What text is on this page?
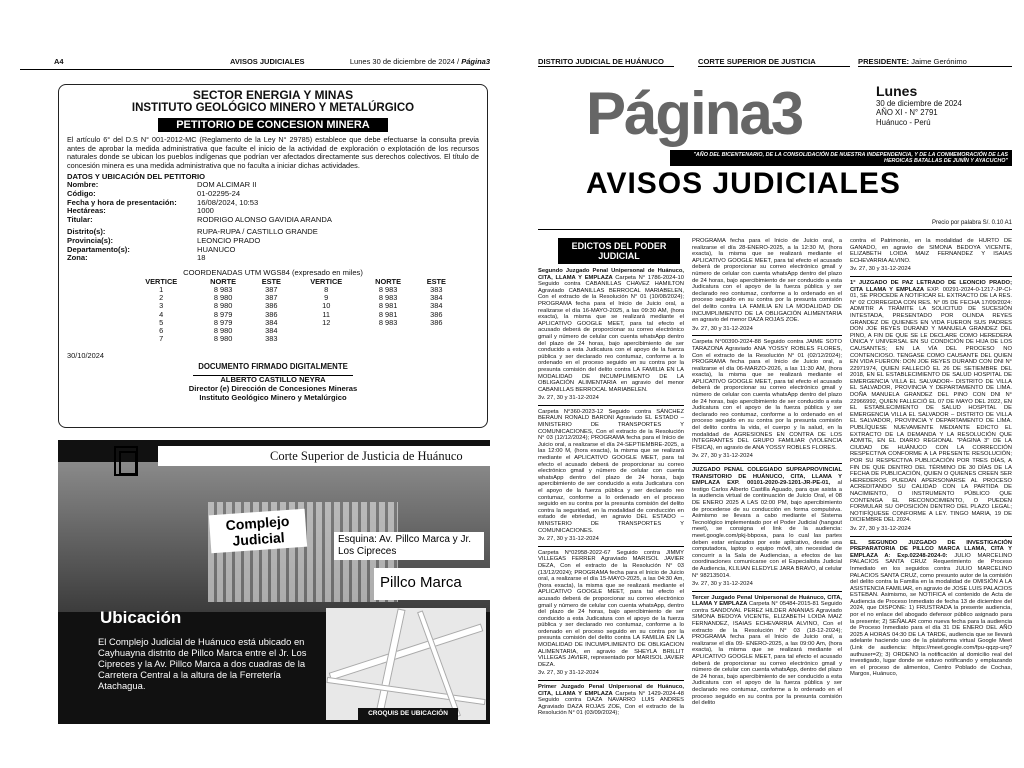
A4	AVISOS JUDICIALES	Lunes 30 de diciembre de 2024 / Página3
SECTOR ENERGIA Y MINAS
INSTITUTO GEOLÓGICO MINERO Y METALÚRGICO
PETITORIO DE CONCESION MINERA
El artículo 6° del D.S N° 001-2012-MC (Reglamento de la Ley N° 29785) establece que debe efectuarse la consulta previa antes de aprobar la medida administrativa que faculte el inicio de la actividad de exploración o explotación de los recursos naturales donde se ubican los pueblos indígenas que podrían ver afectados directamente sus derechos colectivos. El título de concesión minera es una medida administrativa que no faculta a iniciar dichas actividades.
DATOS Y UBICACIÓN DEL PETITORIO
Nombre:	DOM ALCIMAR II
Código:	01-02295-24
Fecha y hora de presentación:	16/08/2024, 10:53
Hectáreas:	1000
Titular:	RODRIGO ALONSO GAVIDIA ARANDA
Distrito(s):	RUPA-RUPA / CASTILLO GRANDE
Provincia(s):	LEONCIO PRADO
Departamento(s):	HUANUCO
Zona:	18
COORDENADAS UTM WGS84 (expresado en miles)
VERTICE	NORTE	ESTE	VERTICE	NORTE	ESTE
1	8 983	387	8	8 983	383
2	8 980	387	9	8 983	384
3	8 980	386	10	8 981	384
4	8 979	386	11	8 981	386
5	8 979	384	12	8 983	386
6	8 980	384			
7	8 980	383			
30/10/2024
DOCUMENTO FIRMADO DIGITALMENTE
ALBERTO CASTILLO NEYRA
Director (e) Dirección de Concesiones Mineras
Instituto Geológico Minero y Metalúrgico
Corte Superior de Justicia de Huánuco
Complejo Judicial	Esquina: Av. Pillco Marca y Jr. Los Cipreces
Pillco Marca
Ubicación
El Complejo Judicial de Huánuco está ubicado en Cayhuayna distrito de Pillco Marca entre el Jr. Los Cipreces y la Av. Pillco Marca a dos cuadras de la Carretera Central a la altura de la Ferretería Atachagua.
CROQUIS DE UBICACIÓN
DISTRITO JUDICIAL DE HUÁNUCO	CORTE SUPERIOR DE JUSTICIA	PRESIDENTE: Jaime Gerónimo
Página3	Lunes
30 de diciembre de 2024
AÑO XI - N° 2791
Huánuco - Perú
"AÑO DEL BICENTENARIO, DE LA CONSOLIDACIÓN DE NUESTRA INDEPENDENCIA, Y DE LA CONMEMORACIÓN DE LAS HEROICAS BATALLAS DE JUNÍN Y AYACUCHO"
AVISOS JUDICIALES
Precio por palabra S/. 0.10 A1
EDICTOS DEL PODER JUDICIAL

Segundo Juzgado Penal Unipersonal de Huánuco, CITA, LLAMA Y EMPLAZA Carpeta N° 1786-2024-10 Seguido contra CABANILLAS CHAVEZ HAMILTON Agraviado CABANILLAS BERROCAL MARIABELEN, Con el extracto de la Resolución N° 01 (10/08/2024); PROGRAMA fecha para el Inicio de Juicio oral, a realizarse el día 16-MAYO-2025, a las 09:30 AM, (hora exacta), la misma que se realizará mediante el APLICATIVO GOOGLE MEET, para tal efecto el acusado deberá de proporcionar su correo electrónico gmail y número de celular con cuenta whatsApp dentro del plazo de 24 horas, bajo apercibimiento de ser conducido a esta Judicatura con el apoyo de la fuerza pública y ser declarado reo contumaz, conforme a lo ordenado en el proceso seguido en su contra por la presunta comisión del delito contra LA FAMILIA EN LA MODALIDAD DE INCUMPLIMIENTO DE LA OBLIGACIÓN ALIMENTARIA en agravio del menor CABANILLAS BERROCAL MARIABELEN.

3v. 27, 30 y 31-12-2024

Carpeta N°360-2023-12 Seguido contra SÁNCHEZ BERAUN RONALD BARONI Agraviado EL ESTADO – MINISTERIO DE TRANSPORTES Y COMUNICACIONES, Con el extracto de la Resolución N° 03 (12/12/2024); PROGRAMA fecha para el Inicio de Juicio oral, a realizarse el día 24-SEPTIEMBRE-2025, a las 12:00 M, (hora exacta), la misma que se realizará mediante el APLICATIVO GOOGLE MEET, para tal efecto el acusado deberá de proporcionar su correo electrónico gmail y número de celular con cuenta whatsApp dentro del plazo de 24 horas, bajo apercibimiento de ser conducido a esta Judicatura con el apoyo de la fuerza pública y ser declarado reo contumaz, conforme a lo ordenado en el proceso seguido en su contra por la presunta comisión del delito contra la seguridad, en la modalidad de conducción en estado de ebriedad, en agravio DEL ESTADO – MINISTERIO DE TRANSPORTES Y COMUNICACIONES.

3v. 27, 30 y 31-12-2024

Carpeta N°02958-2022-67 Seguido contra JIMMY VILLEGAS FERRER Agraviado MARISOL JAVIER DEZA, Con el extracto de la Resolución N° 03 (13/12/2024); PROGRAMA fecha para el Inicio de Juicio oral, a realizarse el día 15-MAYO-2025, a las 04:30 Am, (hora exacta), la misma que se realizará mediante el APLICATIVO GOOGLE MEET, para tal efecto el acusado deberá de proporcionar su correo electrónico gmail y número de celular con cuenta whatsApp, dentro del plazo de 24 horas, bajo apercibimiento de ser conducido a esta Judicatura con el apoyo de la fuerza pública y ser declarado reo contumaz, conforme a lo ordenado en el proceso seguido en su contra por la presunta comisión del delito contra LA FAMILIA EN LA MODALIDAD DE INCUMPLIMIENTO DE OBLIGACION ALIMENTARIA, en agravio de SHEYLA BRILLIT VILLEGAS JAVIER, representado por MARISOL JAVIER DEZA.

3v. 27, 30 y 31-12-2024

Primer Juzgado Penal Unipersonal de Huánuco, CITA, LLAMA Y EMPLAZA Carpeta N° 1429-2024-48 Seguido contra DAZA NAVARRO LUIS ANDRES Agraviado DAZA ROJAS ZOE, Con el extracto de la Resolución N° 01 (03/09/2024);

PROGRAMA fecha para el Inicio de Juicio oral, a realizarse el día 28-ENERO-2025, a la 12:30 M, (hora exacta), la misma que se realizará mediante el APLICATIVO GOOGLE MEET, para tal efecto el acusado deberá de proporcionar su correo electrónico gmail y número de celular con cuenta whatsApp dentro del plazo de 24 horas, bajo apercibimiento de ser conducido a esta Judicatura con el apoyo de la fuerza pública y ser declarado reo contumaz, conforme a lo ordenado en el proceso seguido en su contra por la presunta comisión del delito contra LA FAMILIA EN LA MODALIDAD DE INCUMPLIMIENTO DE LA OBLIGACIÓN ALIMENTARIA en agravio del menor DAZA ROJAS ZOE.

3v. 27, 30 y 31-12-2024

Carpeta N°00390-2024-88 Seguido contra JAIME SOTO TARAZONA Agraviado ANA YOSSY ROBLES FLORES, Con el extracto de la Resolución N° 01 (02/12/2024); PROGRAMA fecha para el Inicio de Juicio oral, a realizarse el día 06-MARZO-2026, a las 11:30 AM, (hora exacta), la misma que se realizará mediante el APLICATIVO GOOGLE MEET, para tal efecto el acusado deberá de proporcionar su correo electrónico gmail y número de celular con cuenta whatsApp dentro del plazo de 24 horas, bajo apercibimiento de ser conducido a esta Judicatura con el apoyo de la fuerza pública y ser declarado reo contumaz, conforme a lo ordenado en el proceso seguido en su contra por la presunta comisión del delito contra la vida, el cuerpo y la salud, en la modalidad de AGRESIONES EN CONTRA DE LOS INTEGRANTES DEL GRUPO FAMILIAR (VIOLENCIA FÍSICA), en agravio de ANA YOSSY ROBLES FLORES.

3v. 27, 30 y 31-12-2024

JUZGADO PENAL COLEGIADO SUPRAPROVINCIAL TRANSITORIO DE HUÁNUCO, CITA, LLAMA Y EMPLAZA EXP. 00101-2020-29-1201-JR-PE-01, al testigo Carlos Alberto Castilla Aguado, para que asista a la audiencia virtual de continuación de Juicio Oral, el 08 DE ENERO 2025 A LAS 02:00 PM, bajo apercibimiento de procederse de su conducción en forma compulsiva. Asimismo se llevara a cabo mediante el Sistema Tecnológico implementado por el Poder Judicial (hangout meet), se consigna el link de la audiencia: meet.google.com/pkj-bbpoxa, para lo cual las partes deben estar enlazados por este aplicativo, desde una computadora, laptop o equipo móvil, sin necesidad de concurrir a la Sala de Audiencias, a efectos de las coordinaciones comunicarse con el Especialista Judicial de Audiencia, KLILIAN ELEDYLE JARA BRAVO, al celular N° 982135014.

3v. 27, 30 y 31-12-2024

Tercer Juzgado Penal Unipersonal de Huánuco, CITA, LLAMA Y EMPLAZA Carpeta N° 05484-2015-81 Seguido contra SANDOVAL PEREZ HILDER ANANIAS Agraviado SIMONA BEDOYA VICENTE, ELIZABETH LOIDA MAIZ FERNANDEZ, ISAIAS ECHEVARRIA ALVINO, Con el extracto de la Resolución N° 03 (18-12-2024); PROGRAMA fecha para el Inicio de Juicio oral, a realizarse el día 09- ENERO-2025, a las 09:00 Am, (hora exacta), la misma que se realizará mediante el APLICATIVO GOOGLE MEET, para tal efecto el acusado deberá de proporcionar su correo electrónico gmail y número de celular con cuenta whatsApp, dentro del plazo de 24 horas, bajo apercibimiento de ser conducido a esta Judicatura con el apoyo de la fuerza pública y ser declarado reo contumaz, conforme a lo ordenado en el proceso seguido en su contra por la presunta comisión del delito

contra el Patrimonio, en la modalidad de HURTO DE GANADO, en agravio de SIMONA BEDOYA VICENTE, ELIZABETH LOIDA MAIZ FERNANDEZ Y ISAIAS ECHEVARRIA ALVINO.

3v. 27, 30 y 31-12-2024

1° JUZGADO DE PAZ LETRADO DE LEONCIO PRADO; CITA LLAMA Y EMPLAZA EXP. 00291-2024-0-1217-JP-CI-01, SE PROCEDE A NOTIFICAR EL EXTRACTO DE LA RES. N° 02 CORREGIDA CON RES. N° 05 DE FECHA 17/09/2024: ADMITIR A TRÁMITE LA SOLICITUD DE SUCESIÓN INTESTADA, PRESENTADO POR OLINDA REYES GRANDEZ DE QUIENES EN VIDA FUERON SUS PADRES DON JOE REYES DURAND Y MANUELA GRANDEZ DEL PINO, A FIN DE QUE SE LE DECLARE COMO HEREDERA ÚNICA Y UNIVERSAL EN SU CONDICIÓN DE HIJA DE LOS CAUSANTES; EN LA VÍA DEL PROCESO NO CONTENCIOSO. TENGASE COMO CAUSANTE DEL QUIEN EN VIDA FUERON: DON JOE REYES DURAND CON DNI N° 22971974, QUIEN FALLECIÓ EL 26 DE SETIEMBRE DEL 2018, EN EL ESTABLECIMIENTO DE SALUD HOSPITAL DE EMERGENCIA VILLA EL SALVADOR– DISTRITO DE VILLA EL SALVADOR, PROVINCIA Y DEPARTAMENTO DE LIMA. DOÑA MANUELA GRANDEZ DEL PINO CON DNI N° 22966992, QUIEN FALLECIÓ EL 07 DE MAYO DEL 2022, EN EL ESTABLECIMIENTO DE SALUD HOSPITAL DE EMERGENCIA VILLA EL SALVADOR – DISTRITO DE VILLA EL SALVADOR, PROVINCIA Y DEPARTAMENTO DE LIMA. PUBLÍQUESE NUEVAMENTE MEDIANTE EDICTO EL EXTRACTO DE LA DEMANDA Y LA RESOLUCIÓN QUE ADMITE, EN EL DIARIO REGIONAL "PÁGINA 3" DE LA CIUDAD DE HUÁNUCO CON LA CORRECCIÓN RESPECTIVA CONFORME A LA PRESENTE RESOLUCIÓN; POR SU RESPECTIVA PUBLICACIÓN POR TRES DÍAS, A FIN DE QUE DENTRO DEL TÉRMINO DE 30 DÍAS DE LA FECHA DE PUBLICACIÓN, QUIEN O QUIENES CREEN SER HEREDEROS PUEDAN APERSONARSE AL PROCESO ACREDITANDO SU CALIDAD CON LA PARTIDA DE NACIMIENTO, O INSTRUMENTO PÚBLICO QUE CONTENGA EL RECONOCIMIENTO, O PUEDEN FORMULAR SU OPOSICIÓN DENTRO DEL PLAZO LEGAL; NOTIFÍQUESE CONFORME A LEY. TINGO MARIA, 19 DE DICIEMBRE DEL 2024.

3v. 27, 30 y 31-12-2024

EL SEGUNDO JUZGADO DE INVESTIGACIÓN PREPARATORIA DE PILLCO MARCA LLAMA, CITA Y EMPLAZA A: Exp.02248-2024-0: JULIO MARCELINO PALACIOS SANTA CRUZ Requerimiento de Proceso Inmediato en los seguidos contra JULIO MARCELINO PALACIOS SANTA CRUZ, como presunto autor de la comisión del delito contra la Familia en la modalidad de OMISIÓN A LA ASISTENCIA FAMILIAR, en agravio de JOSE LUIS PALACIOS ESTEBAN. Asimismo, se NOTIFICA el contenido de Acta de Audiencia de Proceso Inmediato de fecha 13 de diciembre del 2024, que DISPONE: 1) FRUSTRADA la presente audiencia, por el no enlace del abogado defensor público asignado para la presente; 2) SEÑALAR como nueva fecha para la audiencia de Proceso Inmediato para el día 31 DE ENERO DEL AÑO 2025 A HORAS 04:30 DE LA TARDE, audiencia que se llevará adelante haciendo uso de la plataforma virtual Google Meet (Link de audiencia: https://meet.google.com/fpu-qqzp-urq?authuser=2); 3) ORDENO la notificación al domicilio real del investigado, lugar donde se estuvo notificando y emplazando en el proceso de alimentos, Centro Poblado de Cochas, Margos, Huánuco,
